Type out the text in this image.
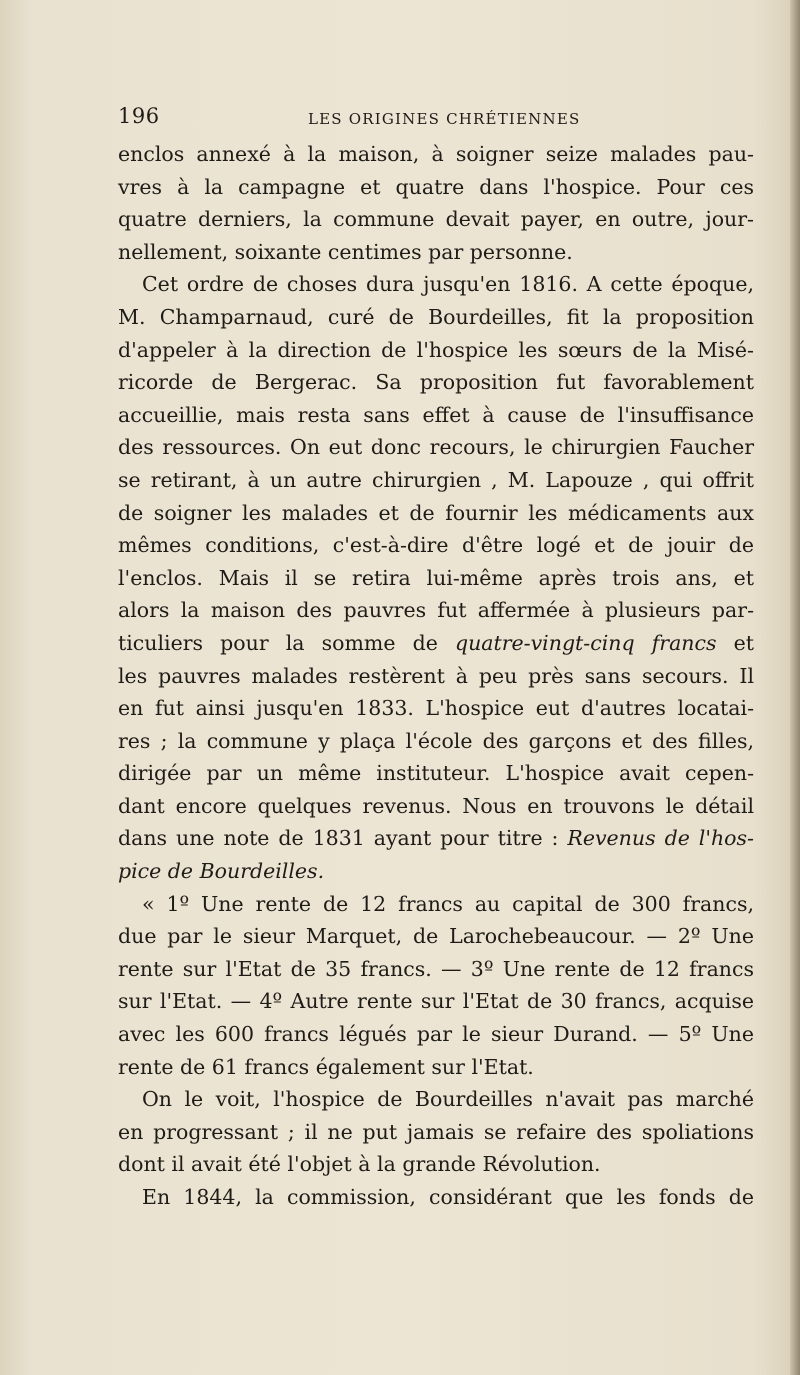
196	LES ORIGINES CHRÉTIENNES
enclos annexé à la maison, à soigner seize malades pau-
vres à la campagne et quatre dans l'hospice. Pour ces
quatre derniers, la commune devait payer, en outre, jour-
nellement, soixante centimes par personne.
Cet ordre de choses dura jusqu'en 1816. A cette époque,
M. Champarnaud, curé de Bourdeilles, fit la proposition
d'appeler à la direction de l'hospice les sœurs de la Misé-
ricorde de Bergerac. Sa proposition fut favorablement
accueillie, mais resta sans effet à cause de l'insuffisance
des ressources. On eut donc recours, le chirurgien Faucher
se retirant, à un autre chirurgien , M. Lapouze , qui offrit
de soigner les malades et de fournir les médicaments aux
mêmes conditions, c'est-à-dire d'être logé et de jouir de
l'enclos. Mais il se retira lui-même après trois ans, et
alors la maison des pauvres fut affermée à plusieurs par-
ticuliers pour la somme de quatre-vingt-cinq francs et
les pauvres malades restèrent à peu près sans secours. Il
en fut ainsi jusqu'en 1833. L'hospice eut d'autres locatai-
res ; la commune y plaça l'école des garçons et des filles,
dirigée par un même instituteur. L'hospice avait cepen-
dant encore quelques revenus. Nous en trouvons le détail
dans une note de 1831 ayant pour titre : Revenus de l'hos-
pice de Bourdeilles.
« 1º Une rente de 12 francs au capital de 300 francs,
due par le sieur Marquet, de Larochebeaucour. — 2º Une
rente sur l'Etat de 35 francs. — 3º Une rente de 12 francs
sur l'Etat. — 4º Autre rente sur l'Etat de 30 francs, acquise
avec les 600 francs légués par le sieur Durand. — 5º Une
rente de 61 francs également sur l'Etat.
On le voit, l'hospice de Bourdeilles n'avait pas marché
en progressant ; il ne put jamais se refaire des spoliations
dont il avait été l'objet à la grande Révolution.
En 1844, la commission, considérant que les fonds de
